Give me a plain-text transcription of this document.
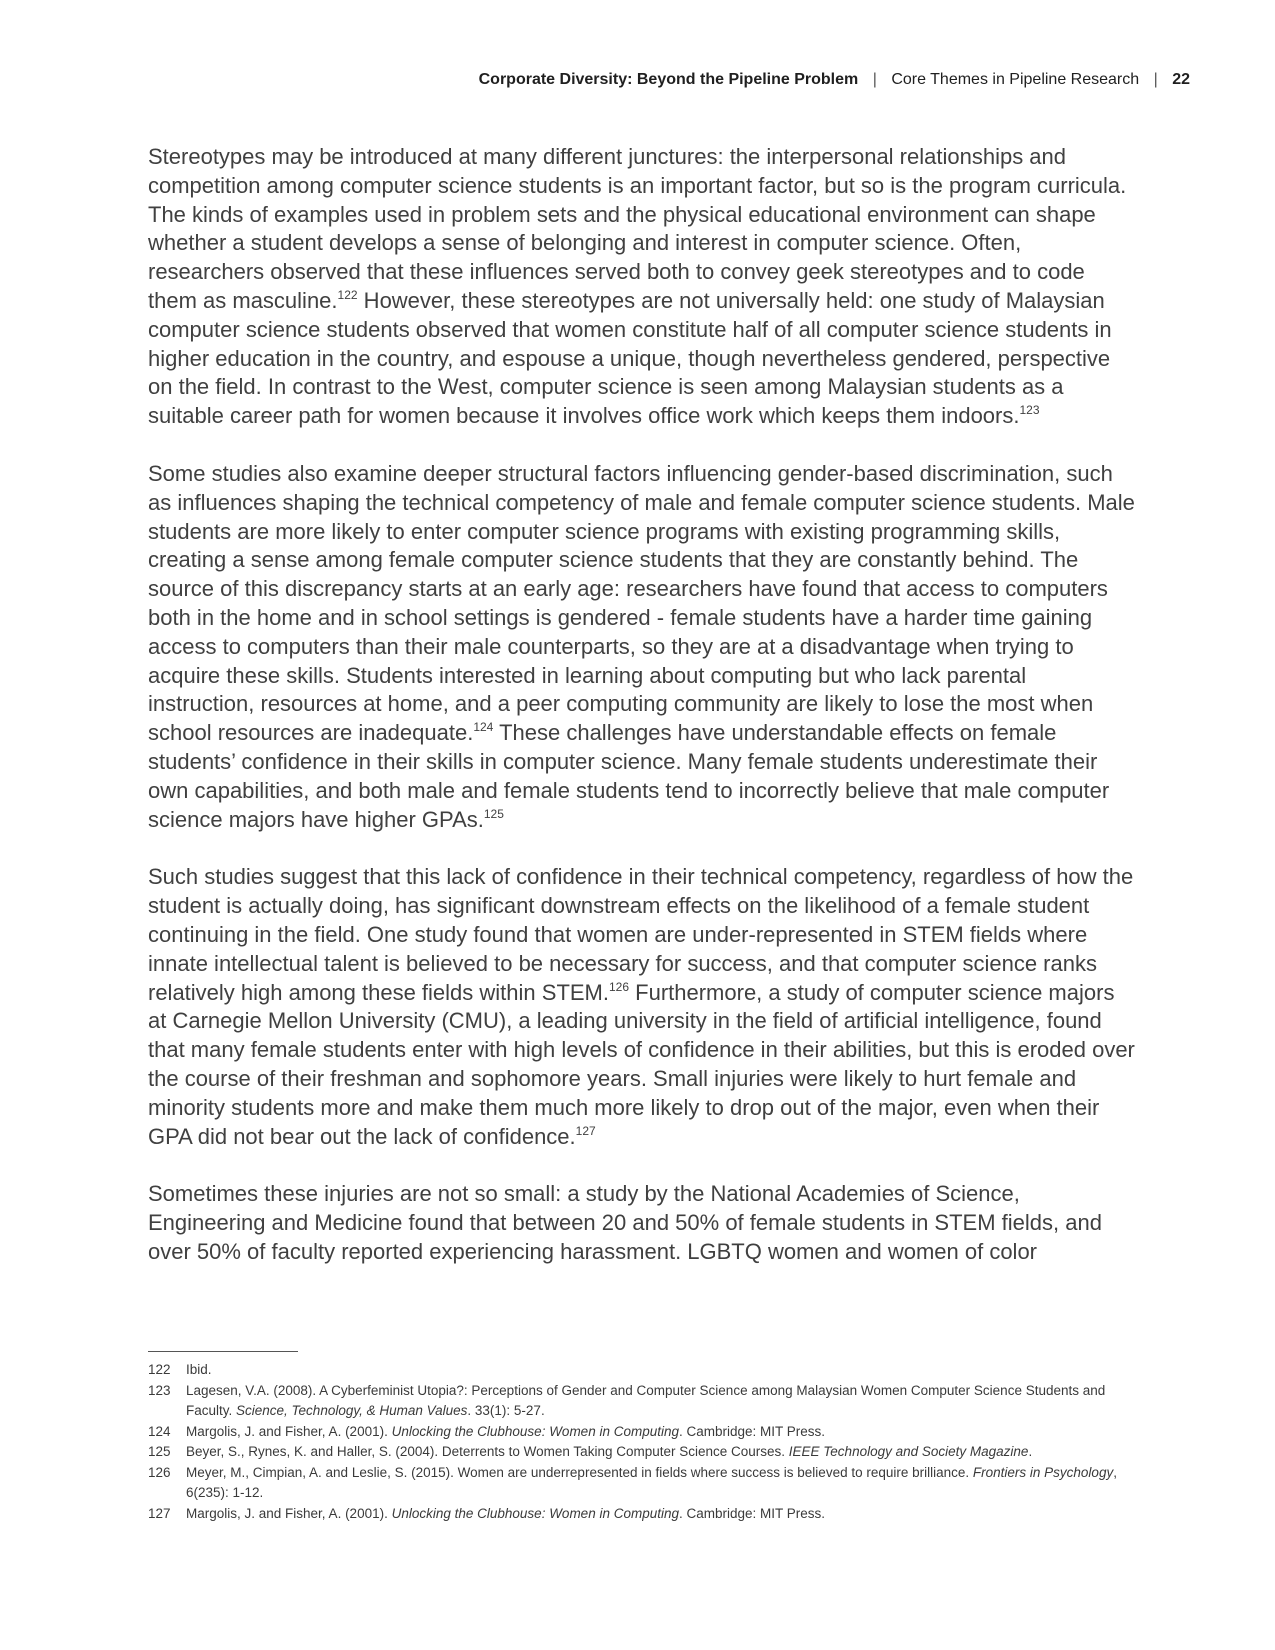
Corporate Diversity: Beyond the Pipeline Problem | Core Themes in Pipeline Research | 22

Stereotypes may be introduced at many different junctures: the interpersonal relationships and competition among computer science students is an important factor, but so is the program curricula. The kinds of examples used in problem sets and the physical educational environment can shape whether a student develops a sense of belonging and interest in computer science. Often, researchers observed that these influences served both to convey geek stereotypes and to code them as masculine.$^{122}$ However, these stereotypes are not universally held: one study of Malaysian computer science students observed that women constitute half of all computer science students in higher education in the country, and espouse a unique, though nevertheless gendered, perspective on the field. In contrast to the West, computer science is seen among Malaysian students as a suitable career path for women because it involves office work which keeps them indoors.$^{123}$

Some studies also examine deeper structural factors influencing gender-based discrimination, such as influences shaping the technical competency of male and female computer science students. Male students are more likely to enter computer science programs with existing programming skills, creating a sense among female computer science students that they are constantly behind. The source of this discrepancy starts at an early age: researchers have found that access to computers both in the home and in school settings is gendered - female students have a harder time gaining access to computers than their male counterparts, so they are at a disadvantage when trying to acquire these skills. Students interested in learning about computing but who lack parental instruction, resources at home, and a peer computing community are likely to lose the most when school resources are inadequate.$^{124}$ These challenges have understandable effects on female students’ confidence in their skills in computer science. Many female students underestimate their own capabilities, and both male and female students tend to incorrectly believe that male computer science majors have higher GPAs.$^{125}$

Such studies suggest that this lack of confidence in their technical competency, regardless of how the student is actually doing, has significant downstream effects on the likelihood of a female student continuing in the field. One study found that women are under-represented in STEM fields where innate intellectual talent is believed to be necessary for success, and that computer science ranks relatively high among these fields within STEM.$^{126}$ Furthermore, a study of computer science majors at Carnegie Mellon University (CMU), a leading university in the field of artificial intelligence, found that many female students enter with high levels of confidence in their abilities, but this is eroded over the course of their freshman and sophomore years. Small injuries were likely to hurt female and minority students more and make them much more likely to drop out of the major, even when their GPA did not bear out the lack of confidence.$^{127}$

Sometimes these injuries are not so small: a study by the National Academies of Science, Engineering and Medicine found that between 20 and 50% of female students in STEM fields, and over 50% of faculty reported experiencing harassment. LGBTQ women and women of color

122	Ibid.
123	Lagesen, V.A. (2008). A Cyberfeminist Utopia?: Perceptions of Gender and Computer Science among Malaysian Women Computer Science Students and Faculty. Science, Technology, & Human Values. 33(1): 5-27.
124	Margolis, J. and Fisher, A. (2001). Unlocking the Clubhouse: Women in Computing. Cambridge: MIT Press.
125	Beyer, S., Rynes, K. and Haller, S. (2004). Deterrents to Women Taking Computer Science Courses. IEEE Technology and Society Magazine.
126	Meyer, M., Cimpian, A. and Leslie, S. (2015). Women are underrepresented in fields where success is believed to require brilliance. Frontiers in Psychology, 6(235): 1-12.
127	Margolis, J. and Fisher, A. (2001). Unlocking the Clubhouse: Women in Computing. Cambridge: MIT Press.
